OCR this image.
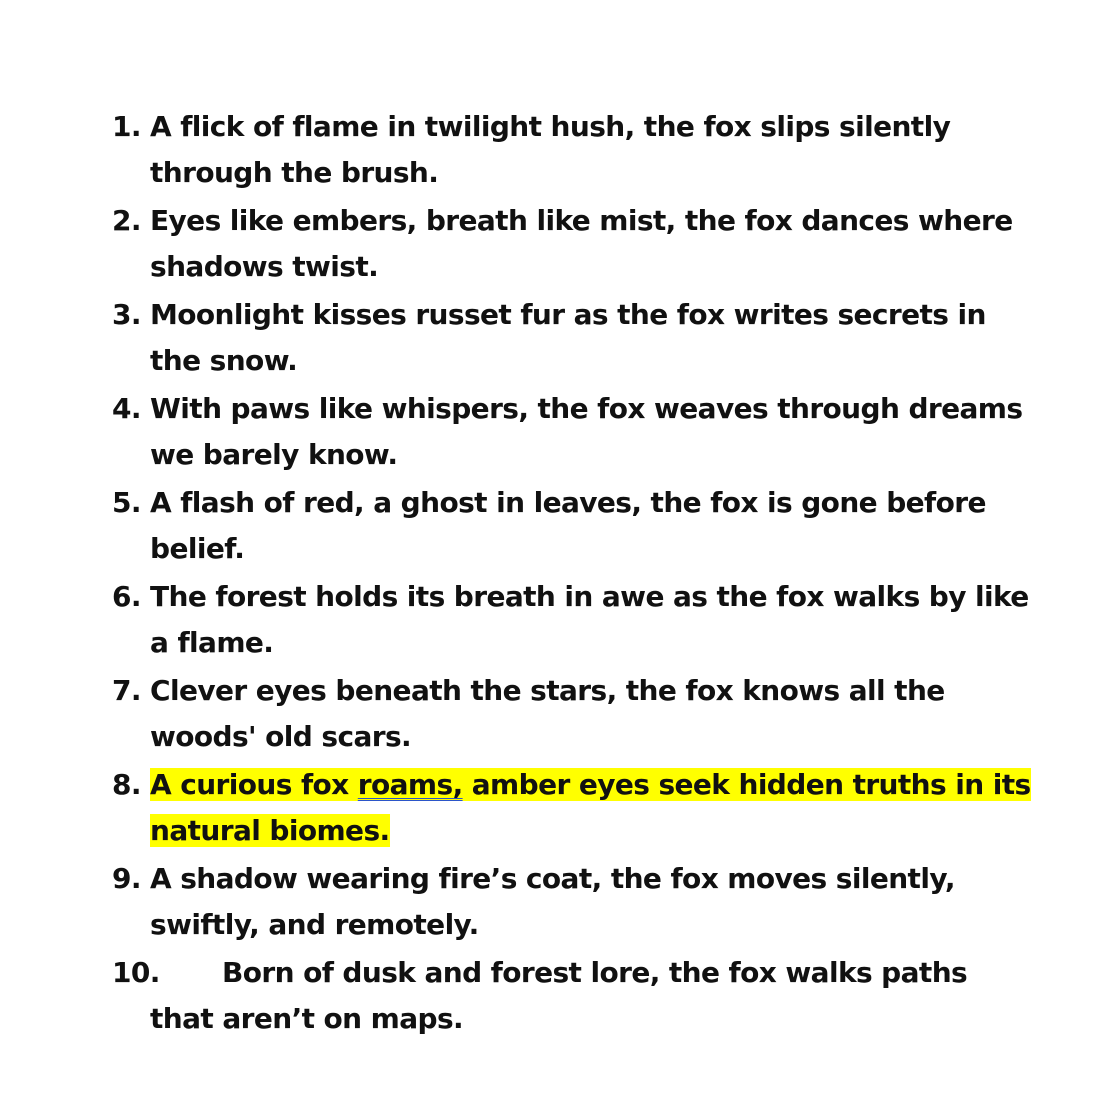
1. A flick of flame in twilight hush, the fox slips silently through the brush.
2. Eyes like embers, breath like mist, the fox dances where shadows twist.
3. Moonlight kisses russet fur as the fox writes secrets in the snow.
4. With paws like whispers, the fox weaves through dreams we barely know.
5. A flash of red, a ghost in leaves, the fox is gone before belief.
6. The forest holds its breath in awe as the fox walks by like a flame.
7. Clever eyes beneath the stars, the fox knows all the woods' old scars.
8. A curious fox roams, amber eyes seek hidden truths in its natural biomes.
9. A shadow wearing fire’s coat, the fox moves silently, swiftly, and remotely.
10.	Born of dusk and forest lore, the fox walks paths that aren’t on maps.
